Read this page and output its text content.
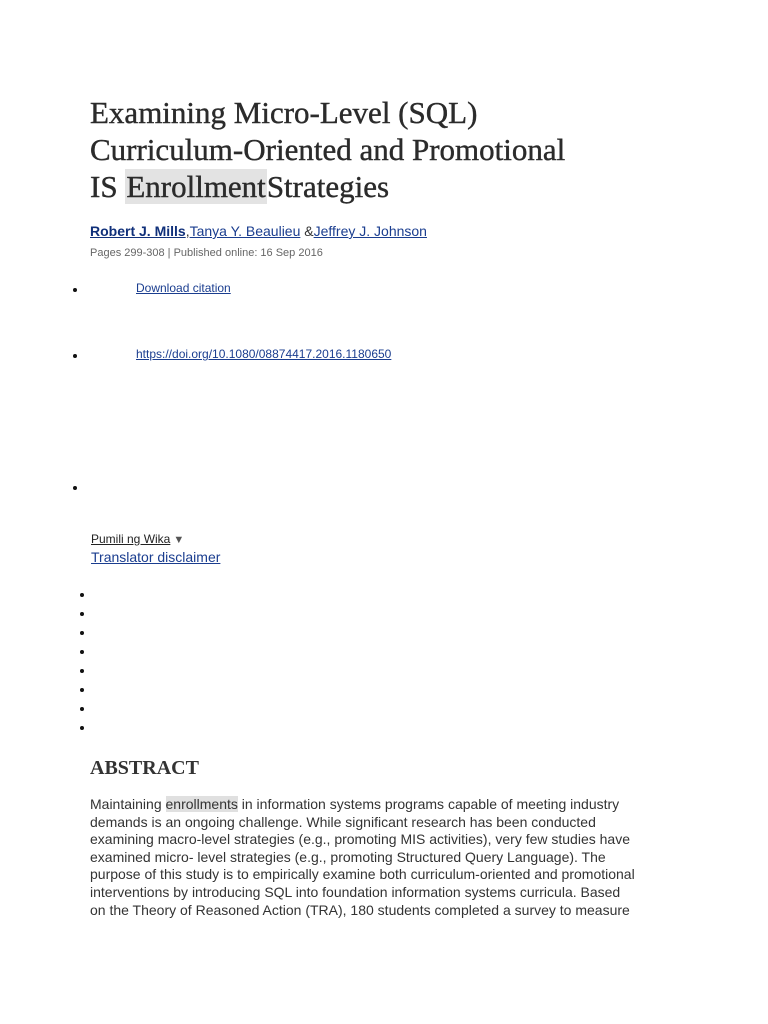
Examining Micro-Level (SQL)
Curriculum-Oriented and Promotional
IS EnrollmentStrategies
Robert J. Mills,Tanya Y. Beaulieu &Jeffrey J. Johnson
Pages 299-308 | Published online: 16 Sep 2016
Download citation
https://doi.org/10.1080/08874417.2016.1180650
Pumili ng Wika ▼
Translator disclaimer
ABSTRACT
Maintaining enrollments in information systems programs capable of meeting industry
demands is an ongoing challenge. While significant research has been conducted
examining macro-level strategies (e.g., promoting MIS activities), very few studies have
examined micro- level strategies (e.g., promoting Structured Query Language). The
purpose of this study is to empirically examine both curriculum-oriented and promotional
interventions by introducing SQL into foundation information systems curricula. Based
on the Theory of Reasoned Action (TRA), 180 students completed a survey to measure
